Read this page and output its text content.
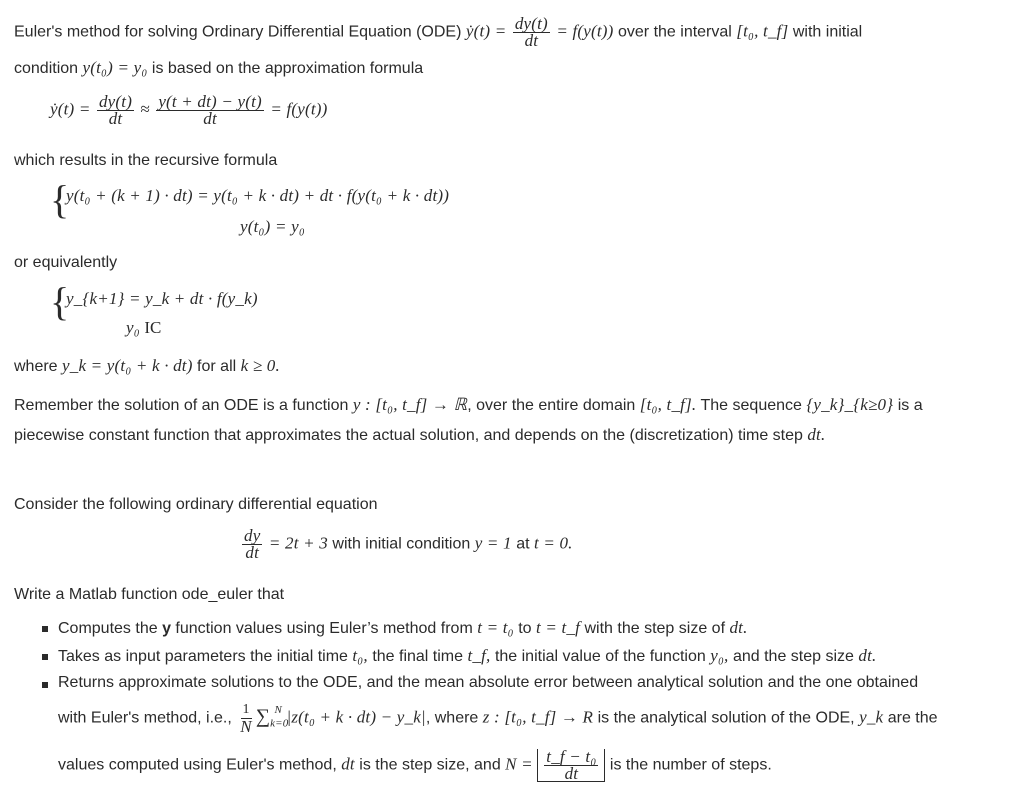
Euler's method for solving Ordinary Differential Equation (ODE) ẏ(t) = $\frac{dy(t)}{dt} = f(y(t))$ over the interval [t₀, t_f] with initial
condition y(t₀) = y₀ is based on the approximation formula
ẏ(t) = $\frac{dy(t)}{dt} \approx \frac{y(t + dt) - y(t)}{dt} = f(y(t))$
which results in the recursive formula
{
y(t₀ + (k + 1) · dt) = y(t₀ + k · dt) + dt · f(y(t₀ + k · dt))
y(t₀) = y₀
or equivalently
{
y_{k+1} = y_k + dt · f(y_k)
y₀ IC
where y_k = y(t₀ + k · dt) for all k ≥ 0.
Remember the solution of an ODE is a function y : [t₀, t_f] → ℝ, over the entire domain [t₀, t_f]. The sequence {y_k}_{k≥0} is a
piecewise constant function that approximates the actual solution, and depends on the (discretization) time step dt.
Consider the following ordinary differential equation
$\frac{dy}{dt} = 2t + 3$ with initial condition y = 1 at t = 0.
Write a Matlab function ode_euler that
Computes the y function values using Euler’s method from t = t₀ to t = t_f with the step size of dt.
Takes as input parameters the initial time t₀, the final time t_f, the initial value of the function y₀, and the step size dt.
Returns approximate solutions to the ODE, and the mean absolute error between analytical solution and the one obtained
with Euler's method, i.e., $\frac{1}{N} \sum_{k=0}^N$ |z(t₀ + k · dt) − y_k|, where z : [t₀, t_f] → R is the analytical solution of the ODE, y_k are the
values computed using Euler's method, dt is the step size, and $N = \frac{\text{t\_f − t₀}}{dt}$ is the number of steps.
